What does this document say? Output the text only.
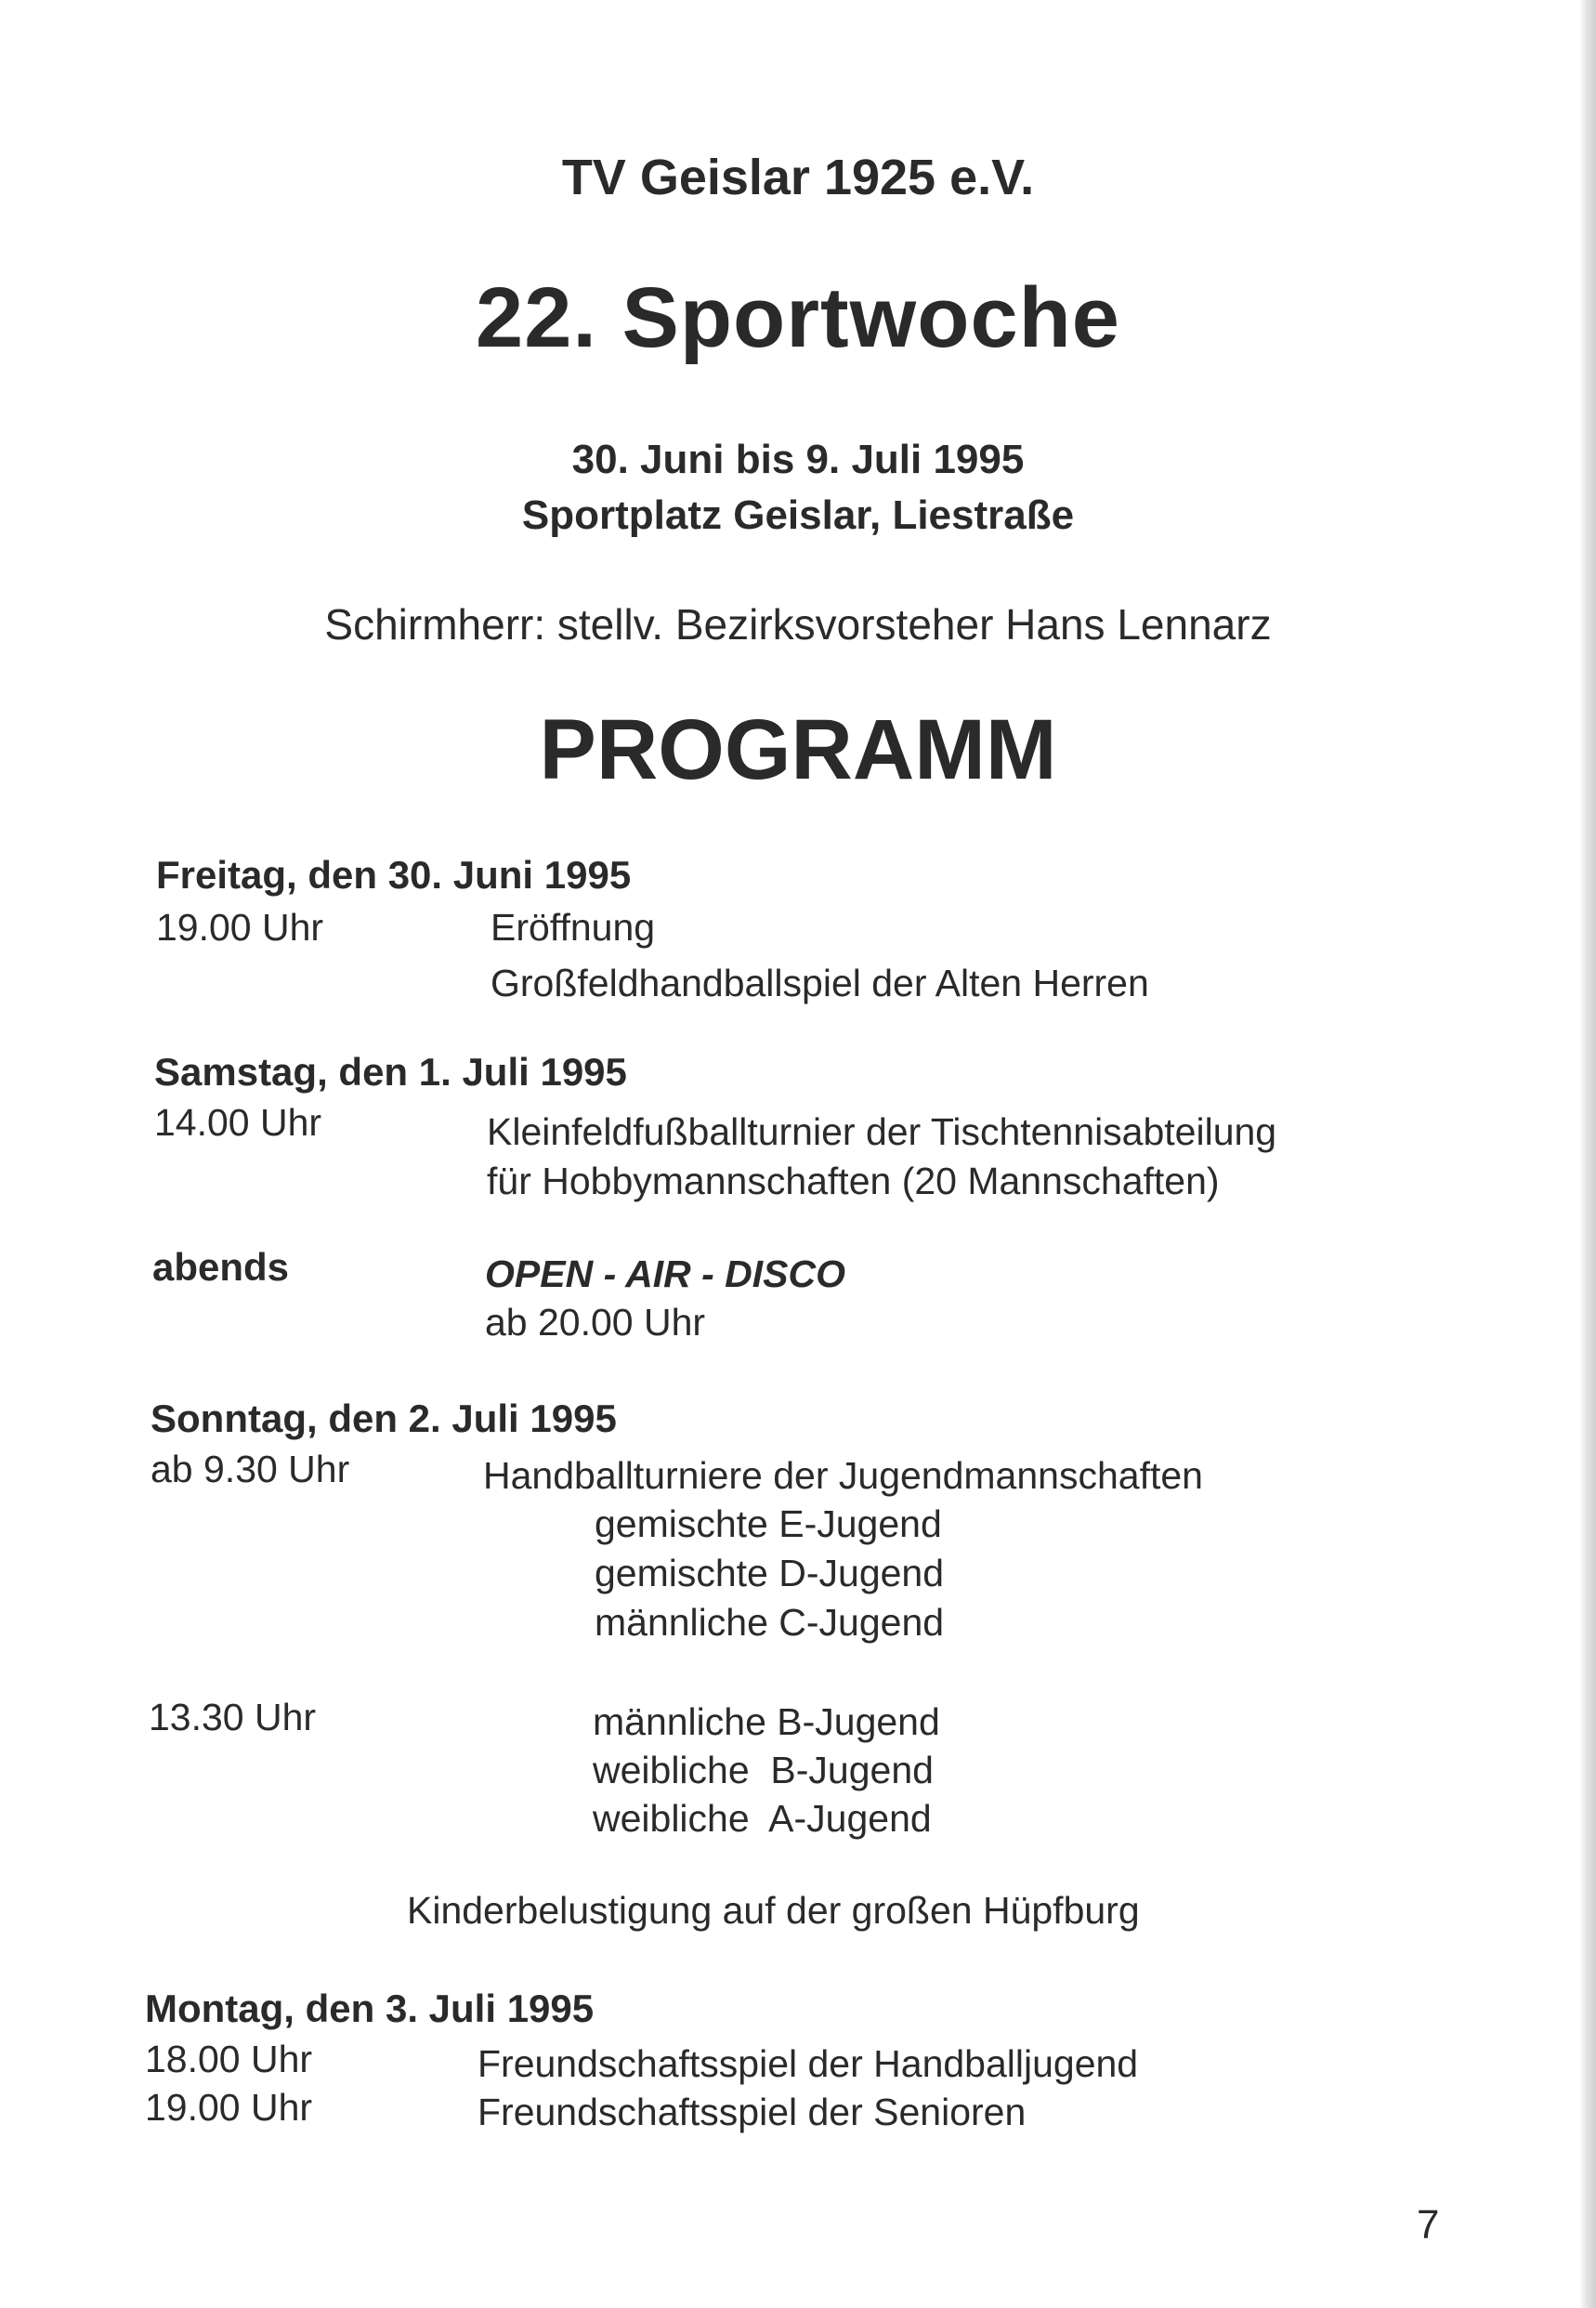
TV Geislar 1925 e.V.
22. Sportwoche
30. Juni bis 9. Juli 1995
Sportplatz Geislar, Liestraße
Schirmherr: stellv. Bezirksvorsteher Hans Lennarz
PROGRAMM
Freitag, den 30. Juni 1995
19.00 Uhr	Eröffnung
Großfeldhandballspiel der Alten Herren
Samstag, den 1. Juli 1995
14.00 Uhr	Kleinfeldfußballturnier der Tischtennisabteilung
für Hobbymannschaften (20 Mannschaften)
abends	OPEN - AIR - DISCO
ab 20.00 Uhr
Sonntag, den 2. Juli 1995
ab 9.30 Uhr	Handballturniere der Jugendmannschaften
gemischte E-Jugend
gemischte D-Jugend
männliche C-Jugend
13.30 Uhr	männliche B-Jugend
weibliche  B-Jugend
weibliche  A-Jugend
Kinderbelustigung auf der großen Hüpfburg
Montag, den 3. Juli 1995
18.00 Uhr	Freundschaftsspiel der Handballjugend
19.00 Uhr	Freundschaftsspiel der Senioren
7
